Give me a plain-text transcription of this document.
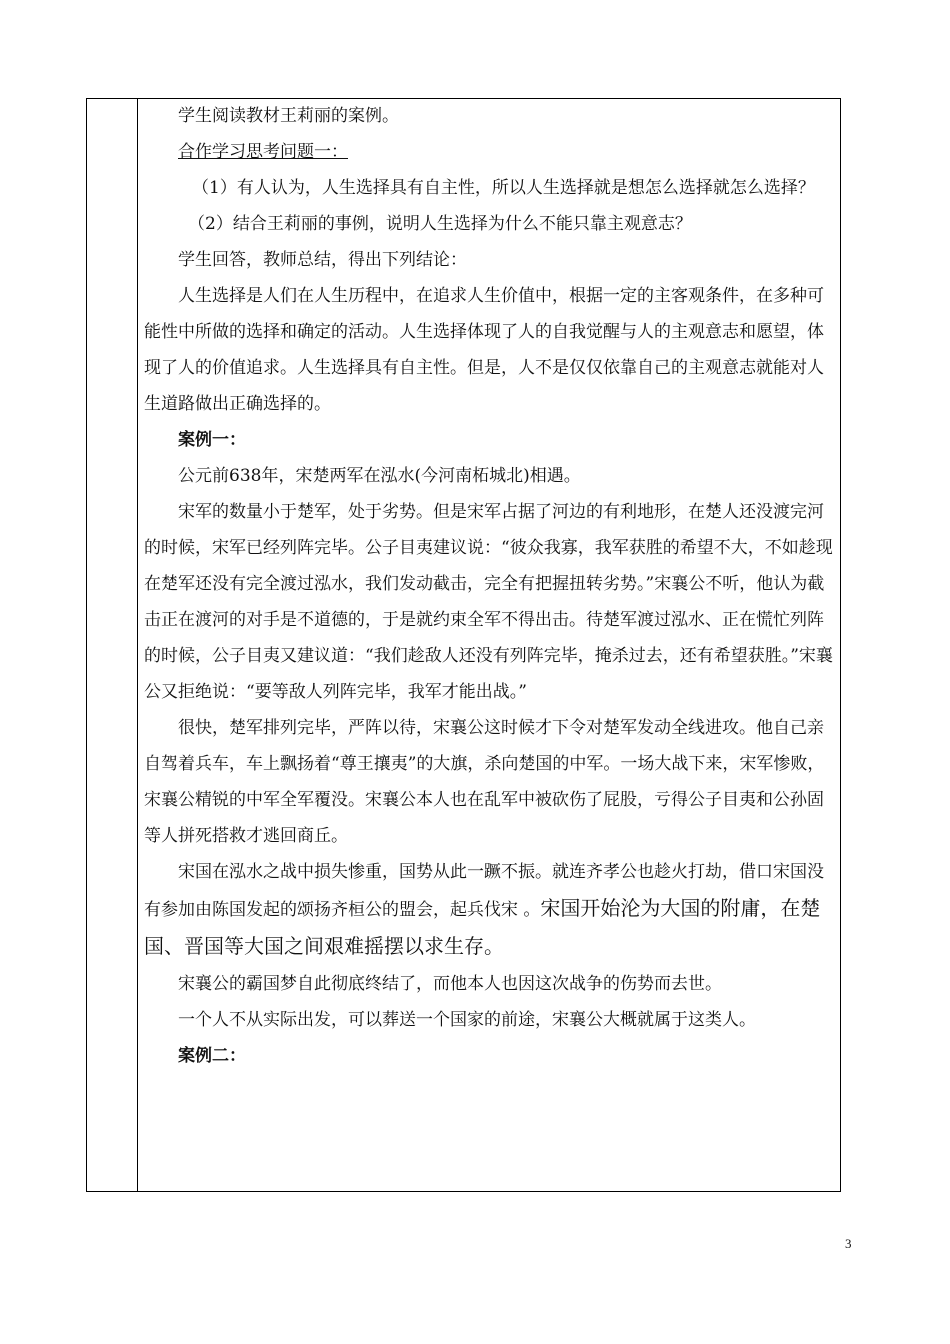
学生阅读教材王莉丽的案例。

合作学习思考问题一：

（1）有人认为，人生选择具有自主性，所以人生选择就是想怎么选择就怎么选择？

（2）结合王莉丽的事例，说明人生选择为什么不能只靠主观意志？

学生回答，教师总结，得出下列结论：

人生选择是人们在人生历程中，在追求人生价值中，根据一定的主客观条件，在多种可能性中所做的选择和确定的活动。人生选择体现了人的自我觉醒与人的主观意志和愿望，体现了人的价值追求。人生选择具有自主性。但是，人不是仅仅依靠自己的主观意志就能对人生道路做出正确选择的。

案例一：

公元前638年，宋楚两军在泓水(今河南柘城北)相遇。

宋军的数量小于楚军，处于劣势。但是宋军占据了河边的有利地形，在楚人还没渡完河的时候，宋军已经列阵完毕。公子目夷建议说：“彼众我寡，我军获胜的希望不大，不如趁现在楚军还没有完全渡过泓水，我们发动截击，完全有把握扭转劣势。”宋襄公不听，他认为截击正在渡河的对手是不道德的，于是就约束全军不得出击。待楚军渡过泓水、正在慌忙列阵的时候，公子目夷又建议道：“我们趁敌人还没有列阵完毕，掩杀过去，还有希望获胜。”宋襄公又拒绝说：“要等敌人列阵完毕，我军才能出战。”

很快，楚军排列完毕，严阵以待，宋襄公这时候才下令对楚军发动全线进攻。他自己亲自驾着兵车，车上飘扬着“尊王攘夷”的大旗，杀向楚国的中军。一场大战下来，宋军惨败，宋襄公精锐的中军全军覆没。宋襄公本人也在乱军中被砍伤了屁股，亏得公子目夷和公孙固等人拼死搭救才逃回商丘。

宋国在泓水之战中损失惨重，国势从此一蹶不振。就连齐孝公也趁火打劫，借口宋国没有参加由陈国发起的颂扬齐桓公的盟会，起兵伐宋 。宋国开始沦为大国的附庸，在楚国、晋国等大国之间艰难摇摆以求生存。

宋襄公的霸国梦自此彻底终结了，而他本人也因这次战争的伤势而去世。

一个人不从实际出发，可以葬送一个国家的前途，宋襄公大概就属于这类人。

案例二：

3
